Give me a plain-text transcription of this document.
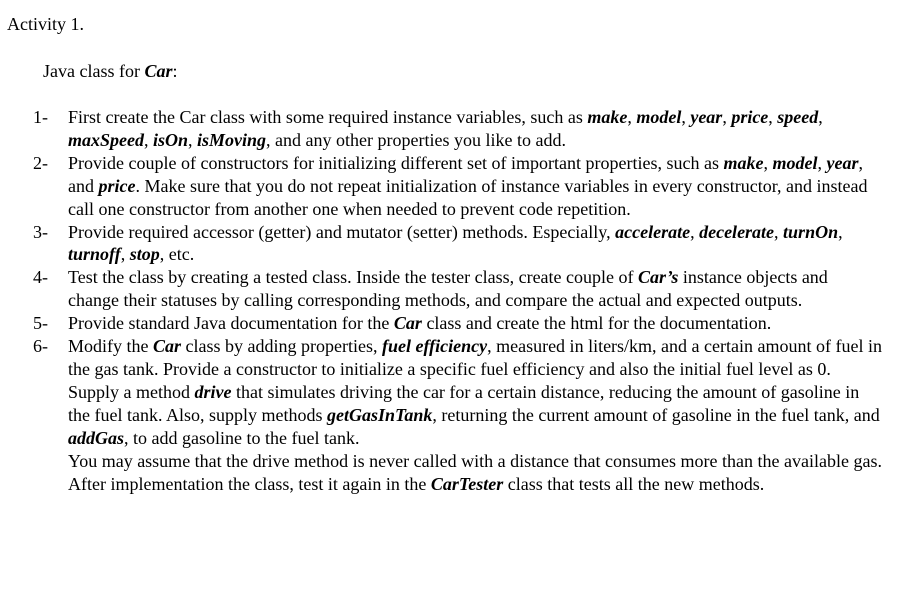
Activity 1.
Java class for Car:
1- First create the Car class with some required instance variables, such as make, model, year, price, speed, maxSpeed, isOn, isMoving, and any other properties you like to add.
2- Provide couple of constructors for initializing different set of important properties, such as make, model, year, and price. Make sure that you do not repeat initialization of instance variables in every constructor, and instead call one constructor from another one when needed to prevent code repetition.
3- Provide required accessor (getter) and mutator (setter) methods. Especially, accelerate, decelerate, turnOn, turnoff, stop, etc.
4- Test the class by creating a tested class. Inside the tester class, create couple of Car’s instance objects and change their statuses by calling corresponding methods, and compare the actual and expected outputs.
5- Provide standard Java documentation for the Car class and create the html for the documentation.
6- Modify the Car class by adding properties, fuel efficiency, measured in liters/km, and a certain amount of fuel in the gas tank. Provide a constructor to initialize a specific fuel efficiency and also the initial fuel level as 0. Supply a method drive that simulates driving the car for a certain distance, reducing the amount of gasoline in the fuel tank. Also, supply methods getGasInTank, returning the current amount of gasoline in the fuel tank, and addGas, to add gasoline to the fuel tank.
You may assume that the drive method is never called with a distance that consumes more than the available gas. After implementation the class, test it again in the CarTester class that tests all the new methods.
